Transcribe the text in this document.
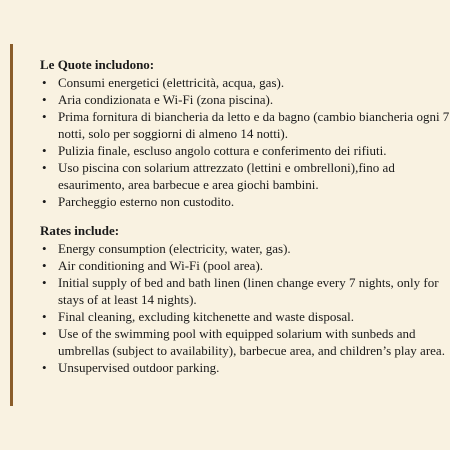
Le Quote includono:

• Consumi energetici (elettricità, acqua, gas).
• Aria condizionata e Wi-Fi (zona piscina).
• Prima fornitura di biancheria da letto e da bagno (cambio biancheria ogni 7 notti, solo per soggiorni di almeno 14 notti).
• Pulizia finale, escluso angolo cottura e conferimento dei rifiuti.
• Uso piscina con solarium attrezzato (lettini e ombrelloni),fino ad esaurimento, area barbecue e area giochi bambini.
• Parcheggio esterno non custodito.

Rates include:

• Energy consumption (electricity, water, gas).
• Air conditioning and Wi-Fi (pool area).
• Initial supply of bed and bath linen (linen change every 7 nights, only for stays of at least 14 nights).
• Final cleaning, excluding kitchenette and waste disposal.
• Use of the swimming pool with equipped solarium with sunbeds and umbrellas (subject to availability), barbecue area, and children’s play area.
• Unsupervised outdoor parking.
